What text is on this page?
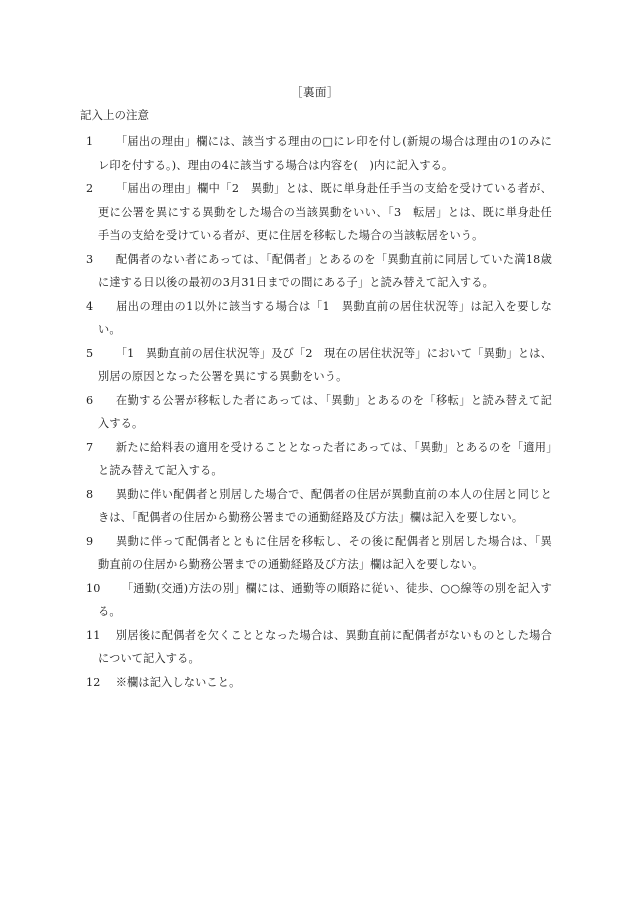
［裏面］
記入上の注意
1 「届出の理由」欄には、該当する理由の□にレ印を付し(新規の場合は理由の1のみにレ印を付する。)、理由の4に該当する場合は内容を(　)内に記入する。
2 「届出の理由」欄中「2　異動」とは、既に単身赴任手当の支給を受けている者が、更に公署を異にする異動をした場合の当該異動をいい、「3　転居」とは、既に単身赴任手当の支給を受けている者が、更に住居を移転した場合の当該転居をいう。
3 配偶者のない者にあっては、「配偶者」とあるのを「異動直前に同居していた満18歳に達する日以後の最初の3月31日までの間にある子」と読み替えて記入する。
4 届出の理由の1以外に該当する場合は「1　異動直前の居住状況等」は記入を要しない。
5 「1　異動直前の居住状況等」及び「2　現在の居住状況等」において「異動」とは、別居の原因となった公署を異にする異動をいう。
6 在勤する公署が移転した者にあっては、「異動」とあるのを「移転」と読み替えて記入する。
7 新たに給料表の適用を受けることとなった者にあっては、「異動」とあるのを「適用」と読み替えて記入する。
8 異動に伴い配偶者と別居した場合で、配偶者の住居が異動直前の本人の住居と同じときは、「配偶者の住居から勤務公署までの通勤経路及び方法」欄は記入を要しない。
9 異動に伴って配偶者とともに住居を移転し、その後に配偶者と別居した場合は、「異動直前の住居から勤務公署までの通勤経路及び方法」欄は記入を要しない。
10 「通勤(交通)方法の別」欄には、通勤等の順路に従い、徒歩、○○線等の別を記入する。
11 別居後に配偶者を欠くこととなった場合は、異動直前に配偶者がないものとした場合について記入する。
12 ※欄は記入しないこと。
